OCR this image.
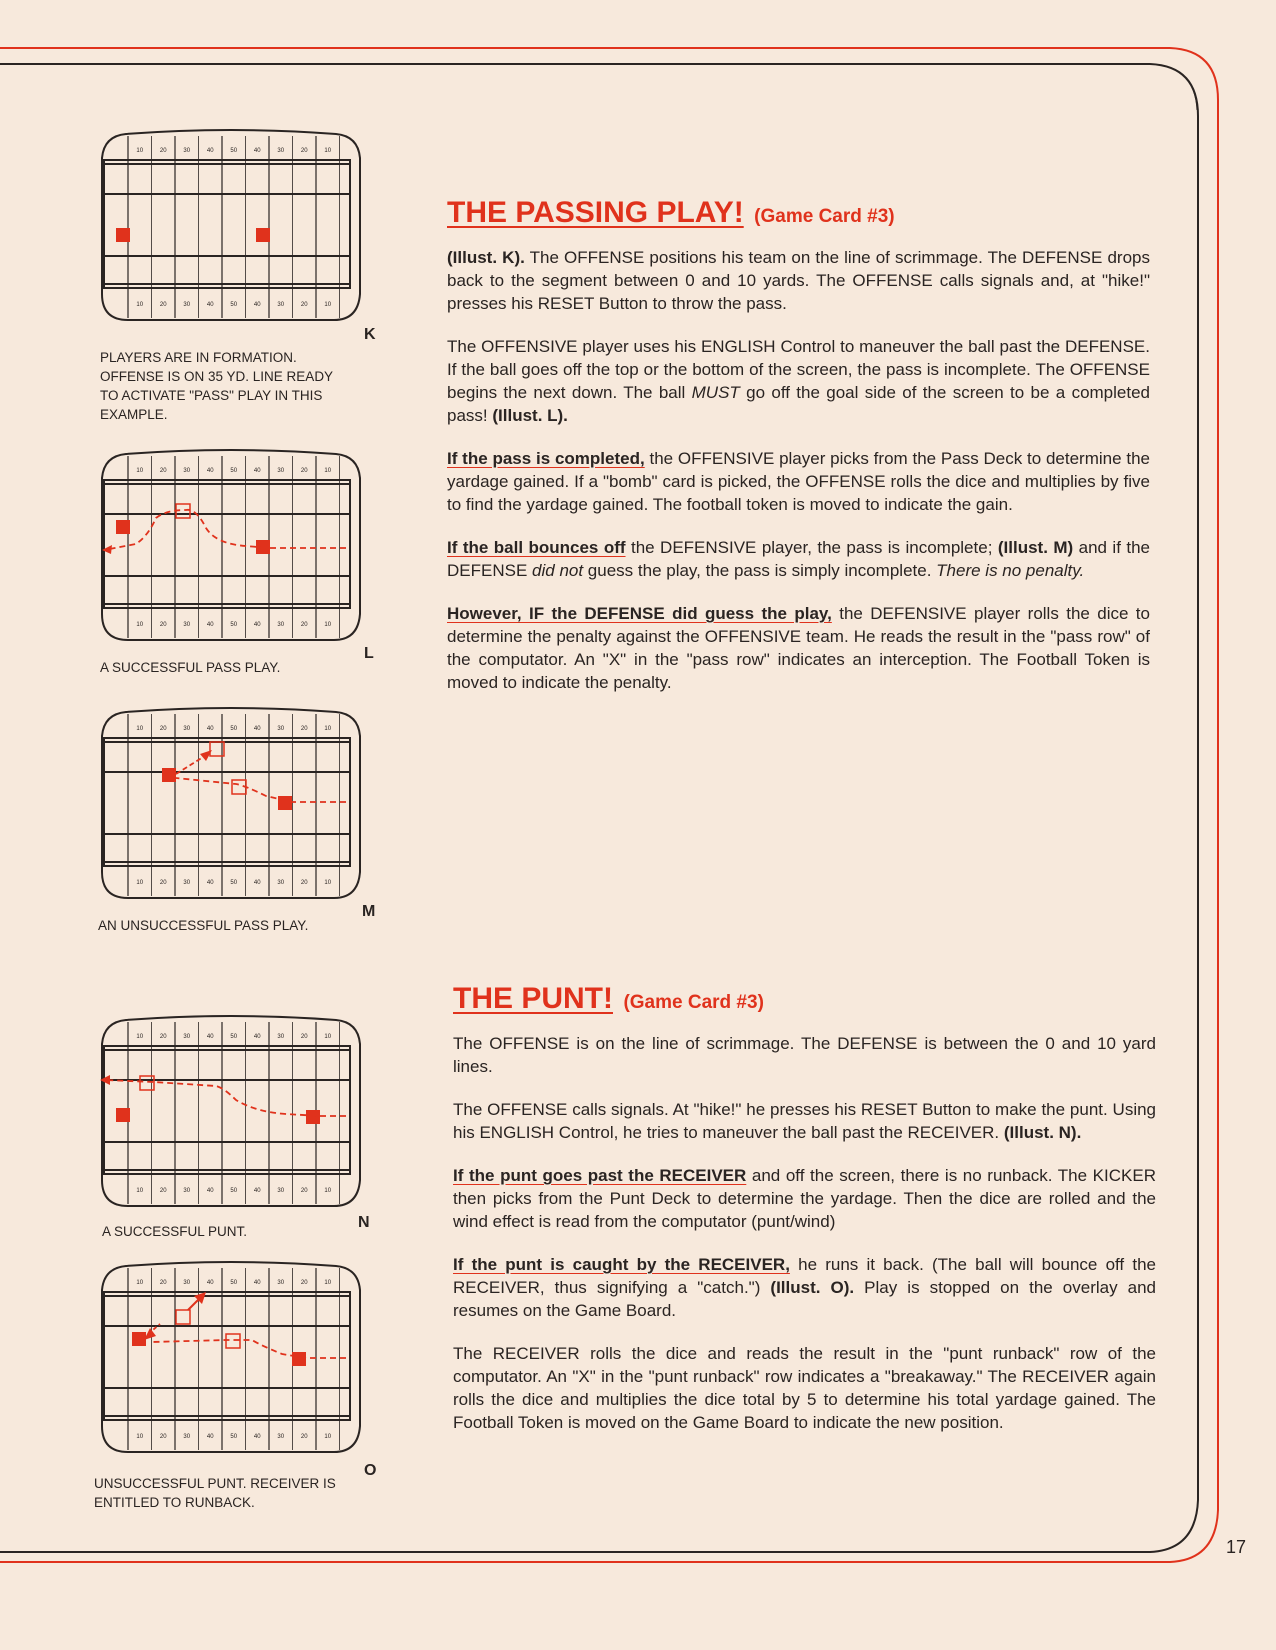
10
10
20
20
30
30
40
40
50
50
40
40
30
30
20
20
10
10
PLAYERS ARE IN FORMATION. OFFENSE IS ON 35 YD. LINE READY TO ACTIVATE "PASS" PLAY IN THIS EXAMPLE.
K
10
10
20
20
30
30
40
40
50
50
40
40
30
30
20
20
10
10
A SUCCESSFUL PASS PLAY.
L
10
10
20
20
30
30
40
40
50
50
40
40
30
30
20
20
10
10
AN UNSUCCESSFUL PASS PLAY.
M
10
10
20
20
30
30
40
40
50
50
40
40
30
30
20
20
10
10
A SUCCESSFUL PUNT.
N
10
10
20
20
30
30
40
40
50
50
40
40
30
30
20
20
10
10
UNSUCCESSFUL PUNT. RECEIVER IS ENTITLED TO RUNBACK.
O
THE PASSING PLAY! (Game Card #3)

(Illust. K). The OFFENSE positions his team on the line of scrimmage. The DEFENSE drops back to the segment between 0 and 10 yards. The OFFENSE calls signals and, at "hike!" presses his RESET Button to throw the pass.

The OFFENSIVE player uses his ENGLISH Control to maneuver the ball past the DEFENSE. If the ball goes off the top or the bottom of the screen, the pass is incomplete. The OFFENSE begins the next down. The ball MUST go off the goal side of the screen to be a completed pass! (Illust. L).

If the pass is completed, the OFFENSIVE player picks from the Pass Deck to determine the yardage gained. If a "bomb" card is picked, the OFFENSE rolls the dice and multiplies by five to find the yardage gained. The football token is moved to indicate the gain.

If the ball bounces off the DEFENSIVE player, the pass is incomplete; (Illust. M) and if the DEFENSE did not guess the play, the pass is simply incomplete. There is no penalty.

However, IF the DEFENSE did guess the play, the DEFENSIVE player rolls the dice to determine the penalty against the OFFENSIVE team. He reads the result in the "pass row" of the computator. An "X" in the "pass row" indicates an interception. The Football Token is moved to indicate the penalty.

THE PUNT! (Game Card #3)

The OFFENSE is on the line of scrimmage. The DEFENSE is between the 0 and 10 yard lines.

The OFFENSE calls signals. At "hike!" he presses his RESET Button to make the punt. Using his ENGLISH Control, he tries to maneuver the ball past the RECEIVER. (Illust. N).

If the punt goes past the RECEIVER and off the screen, there is no runback. The KICKER then picks from the Punt Deck to determine the yardage. Then the dice are rolled and the wind effect is read from the computator (punt/wind)

If the punt is caught by the RECEIVER, he runs it back. (The ball will bounce off the RECEIVER, thus signifying a "catch.") (Illust. O). Play is stopped on the overlay and resumes on the Game Board.

The RECEIVER rolls the dice and reads the result in the "punt runback" row of the computator. An "X" in the "punt runback" row indicates a "breakaway." The RECEIVER again rolls the dice and multiplies the dice total by 5 to determine his total yardage gained. The Football Token is moved on the Game Board to indicate the new position.

17
